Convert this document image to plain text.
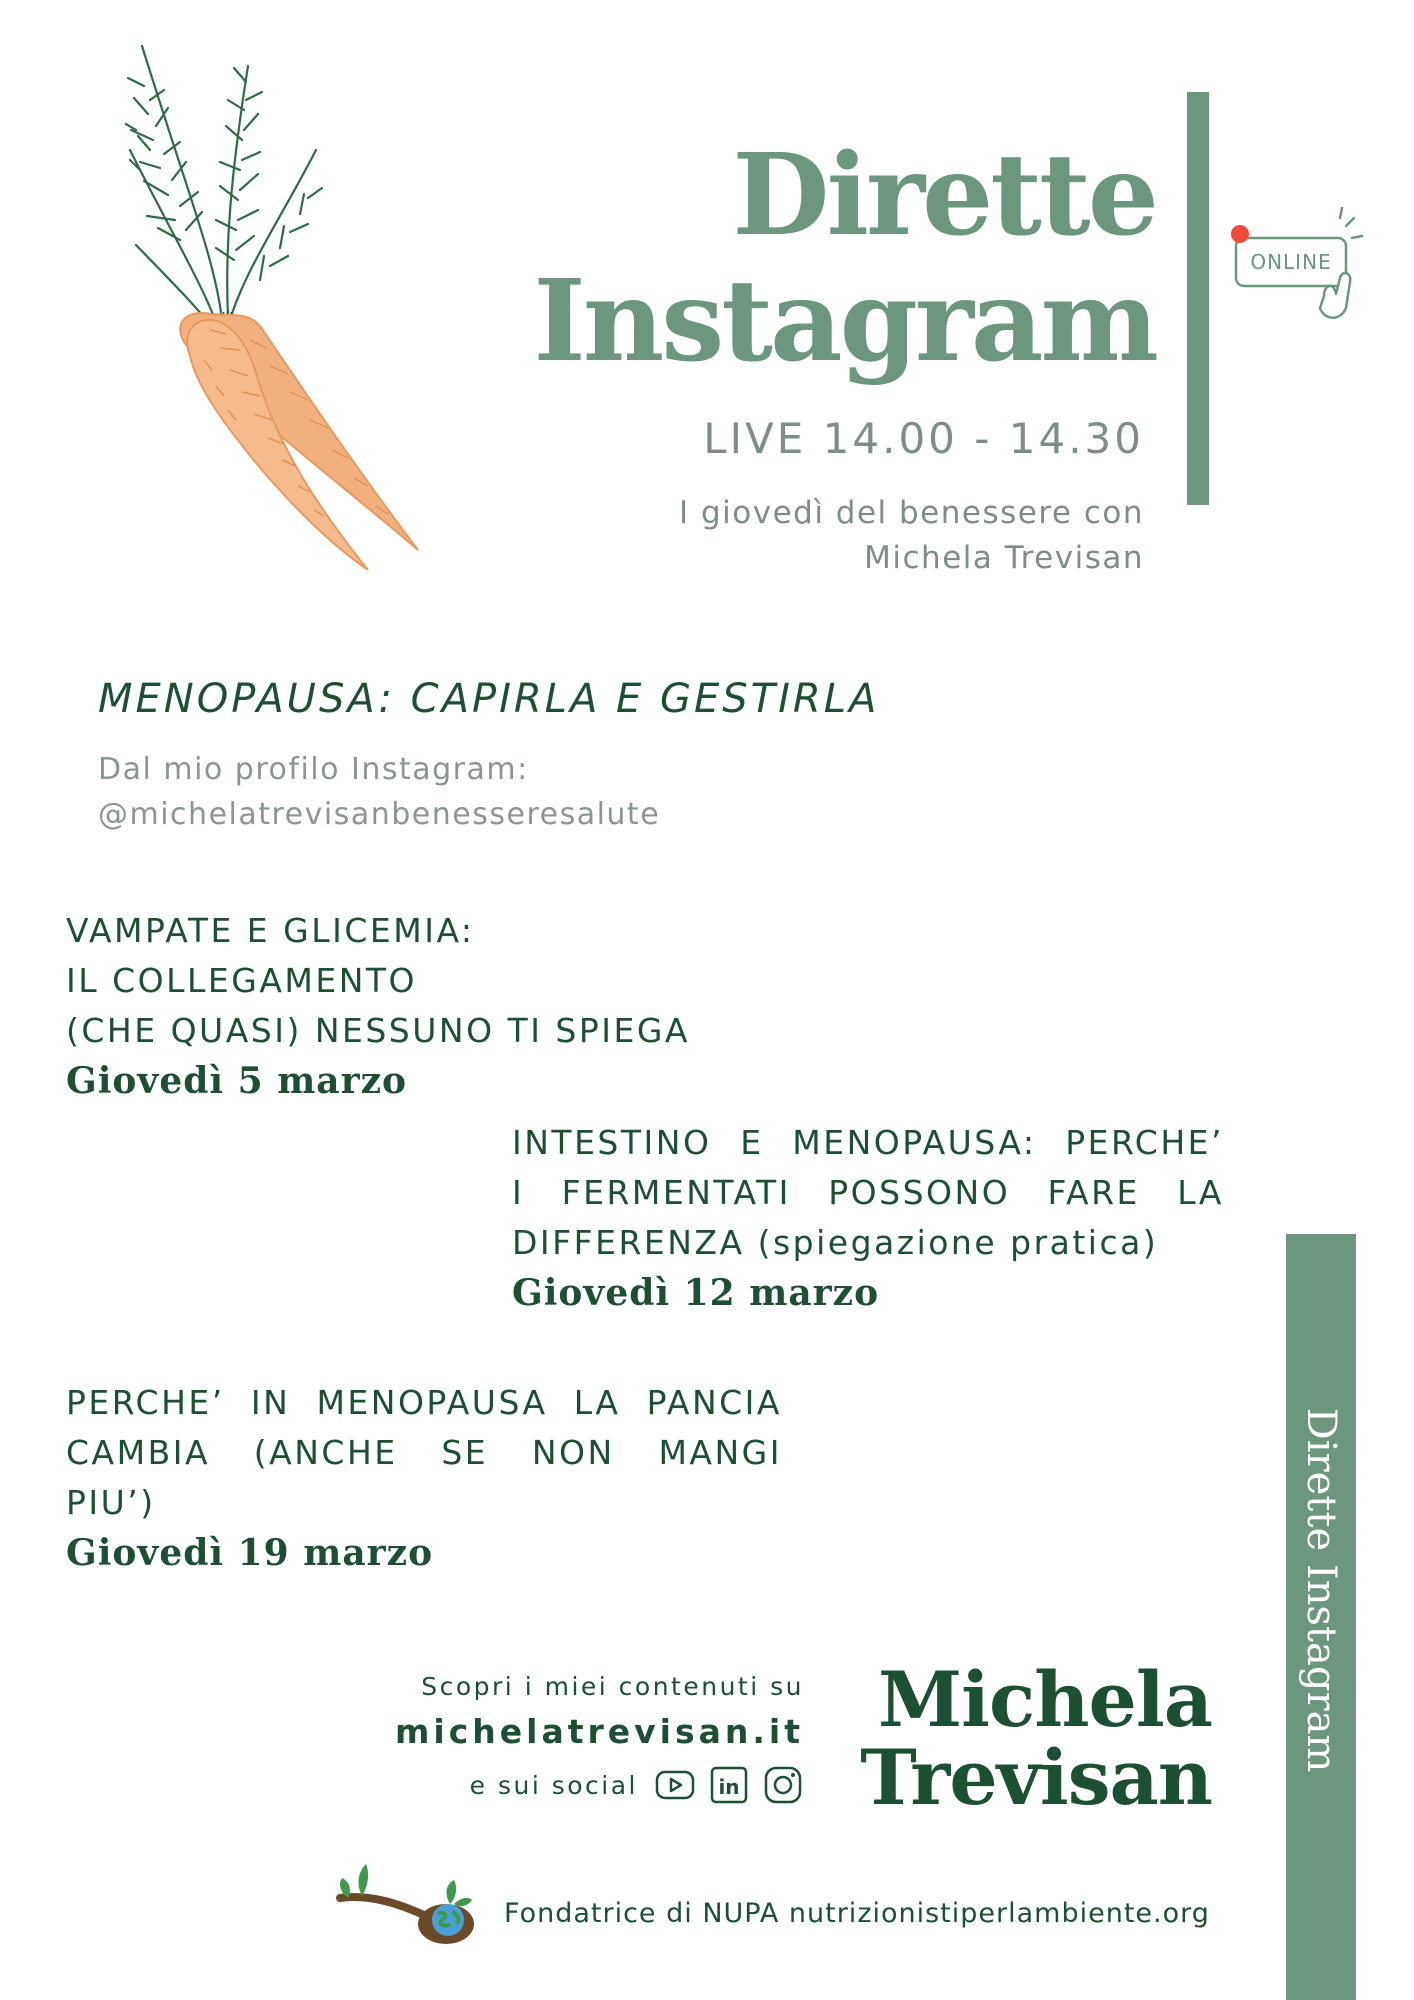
Dirette
Instagram
LIVE 14.00 - 14.30
I giovedì del benessere con
Michela Trevisan
ONLINE
MENOPAUSA: CAPIRLA E GESTIRLA
Dal mio profilo Instagram:
@michelatrevisanbenesseresalute
VAMPATE E GLICEMIA:
IL COLLEGAMENTO
(CHE QUASI) NESSUNO TI SPIEGA
Giovedì 5 marzo
INTESTINO E MENOPAUSA: PERCHE’
I FERMENTATI POSSONO FARE LA
DIFFERENZA (spiegazione pratica)
Giovedì 12 marzo
PERCHE’ IN MENOPAUSA LA PANCIA
CAMBIA (ANCHE SE NON MANGI
PIU’)
Giovedì 19 marzo	Dirette Instagram
Scopri i miei contenuti su
michelatrevisan.it
e sui social	in
Michela
Trevisan
Fondatrice di NUPA nutrizionistiperlambiente.org
